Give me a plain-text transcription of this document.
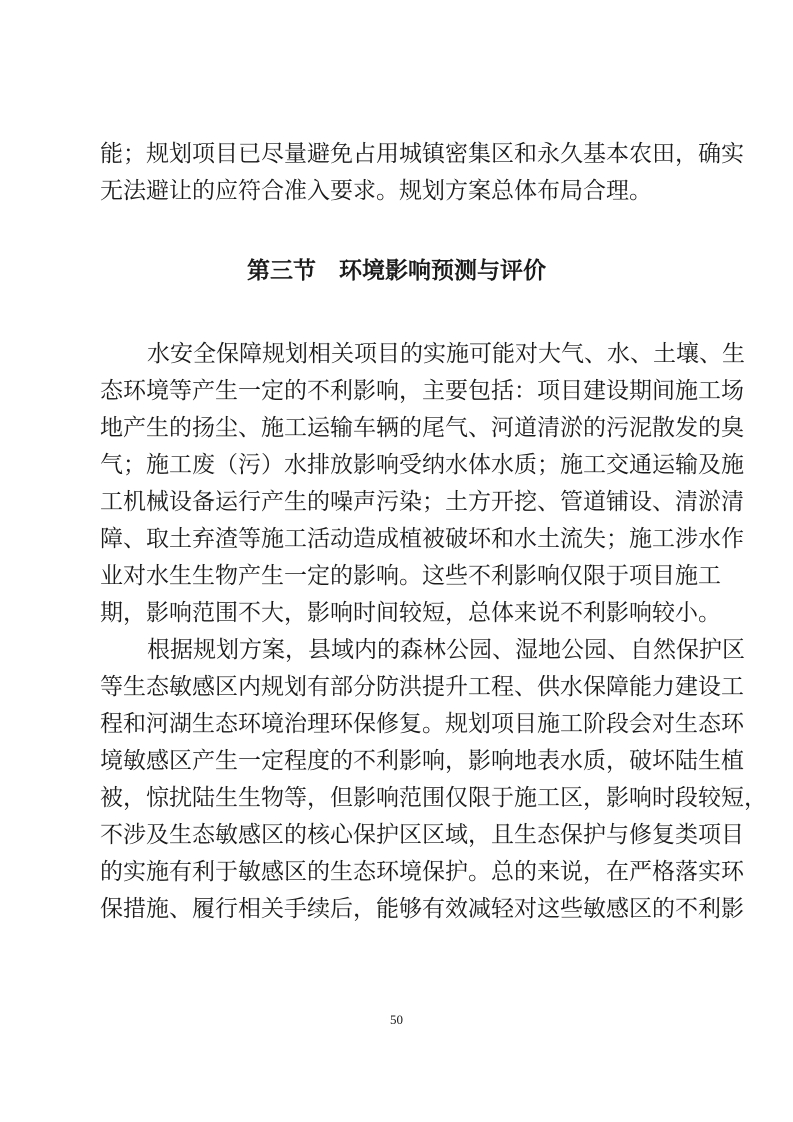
能；规划项目已尽量避免占用城镇密集区和永久基本农田，确实
无法避让的应符合准入要求。规划方案总体布局合理。
第三节　环境影响预测与评价
水安全保障规划相关项目的实施可能对大气、水、土壤、生
态环境等产生一定的不利影响，主要包括：项目建设期间施工场
地产生的扬尘、施工运输车辆的尾气、河道清淤的污泥散发的臭
气；施工废（污）水排放影响受纳水体水质；施工交通运输及施
工机械设备运行产生的噪声污染；土方开挖、管道铺设、清淤清
障、取土弃渣等施工活动造成植被破坏和水土流失；施工涉水作
业对水生生物产生一定的影响。这些不利影响仅限于项目施工
期，影响范围不大，影响时间较短，总体来说不利影响较小。
根据规划方案，县域内的森林公园、湿地公园、自然保护区
等生态敏感区内规划有部分防洪提升工程、供水保障能力建设工
程和河湖生态环境治理环保修复。规划项目施工阶段会对生态环
境敏感区产生一定程度的不利影响，影响地表水质，破坏陆生植
被，惊扰陆生生物等，但影响范围仅限于施工区，影响时段较短，
不涉及生态敏感区的核心保护区区域，且生态保护与修复类项目
的实施有利于敏感区的生态环境保护。总的来说，在严格落实环
保措施、履行相关手续后，能够有效减轻对这些敏感区的不利影
50
